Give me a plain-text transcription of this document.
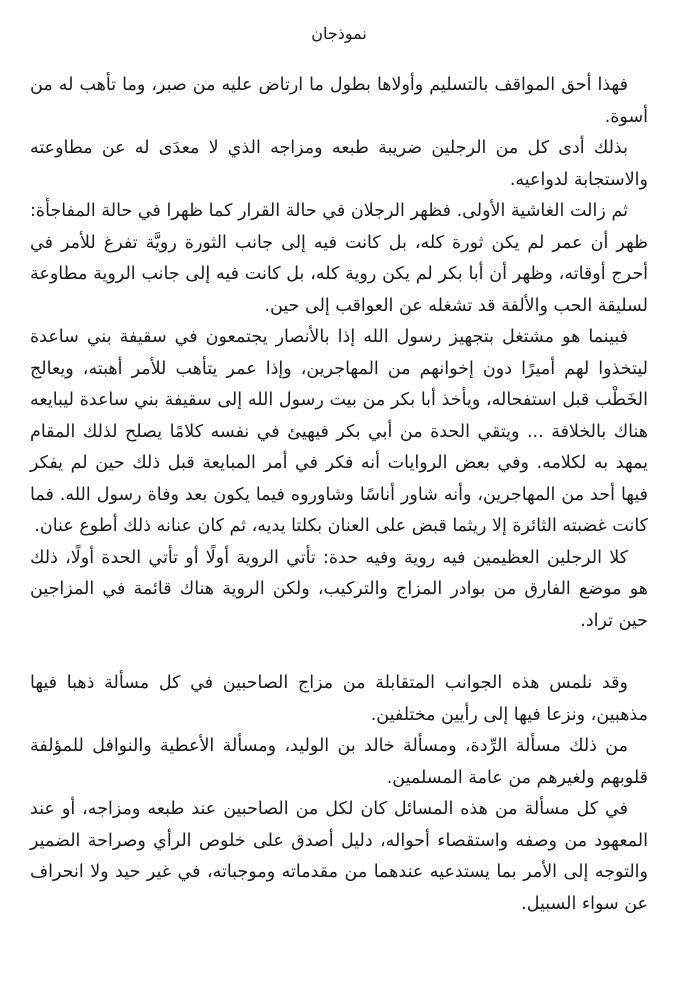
نموذجان

فهذا أحق المواقف بالتسليم وأولاها بطول ما ارتاض عليه من صبر، وما تأهب له من أسوة.

بذلك أدى كل من الرجلين ضريبة طبعه ومزاجه الذي لا معدَى له عن مطاوعته والاستجابة لدواعيه.

ثم زالت الغاشية الأولى. فظهر الرجلان في حالة القرار كما ظهرا في حالة المفاجأة: ظهر أن عمر لم يكن ثورة كله، بل كانت فيه إلى جانب الثورة رويَّة تفرغ للأمر في أحرج أوقاته، وظهر أن أبا بكر لم يكن روية كله، بل كانت فيه إلى جانب الروية مطاوعة لسليقة الحب والألفة قد تشغله عن العواقب إلى حين.

فبينما هو مشتغل بتجهيز رسول الله إذا بالأنصار يجتمعون في سقيفة بني ساعدة ليتخذوا لهم أميرًا دون إخوانهم من المهاجرين، وإذا عمر يتأهب للأمر أهبته، ويعالج الخَطْب قبل استفحاله، ويأخذ أبا بكر من بيت رسول الله إلى سقيفة بني ساعدة ليبايعه هناك بالخلافة ... ويتقي الحدة من أبي بكر فيهيئ في نفسه كلامًا يصلح لذلك المقام يمهد به لكلامه. وفي بعض الروايات أنه فكر في أمر المبايعة قبل ذلك حين لم يفكر فيها أحد من المهاجرين، وأنه شاور أناسًا وشاوروه فيما يكون بعد وفاة رسول الله. فما كانت غضبته الثائرة إلا ريثما قبض على العنان بكلتا يديه، ثم كان عنانه ذلك أطوع عنان.

كلا الرجلين العظيمين فيه روية وفيه حدة: تأتي الروية أولًا أو تأتي الحدة أولًا، ذلك هو موضع الفارق من بوادر المزاج والتركيب، ولكن الروية هناك قائمة في المزاجين حين تراد.

وقد نلمس هذه الجوانب المتقابلة من مزاج الصاحبين في كل مسألة ذهبا فيها مذهبين، ونزعا فيها إلى رأيين مختلفين.

من ذلك مسألة الرِّدة، ومسألة خالد بن الوليد، ومسألة الأعطية والنوافل للمؤلفة قلوبهم ولغيرهم من عامة المسلمين.

في كل مسألة من هذه المسائل كان لكل من الصاحبين عند طبعه ومزاجه، أو عند المعهود من وصفه واستقصاء أحواله، دليل أصدق على خلوص الرأي وصراحة الضمير والتوجه إلى الأمر بما يستدعيه عندهما من مقدماته وموجباته، في غير حيد ولا انحراف عن سواء السبيل.
